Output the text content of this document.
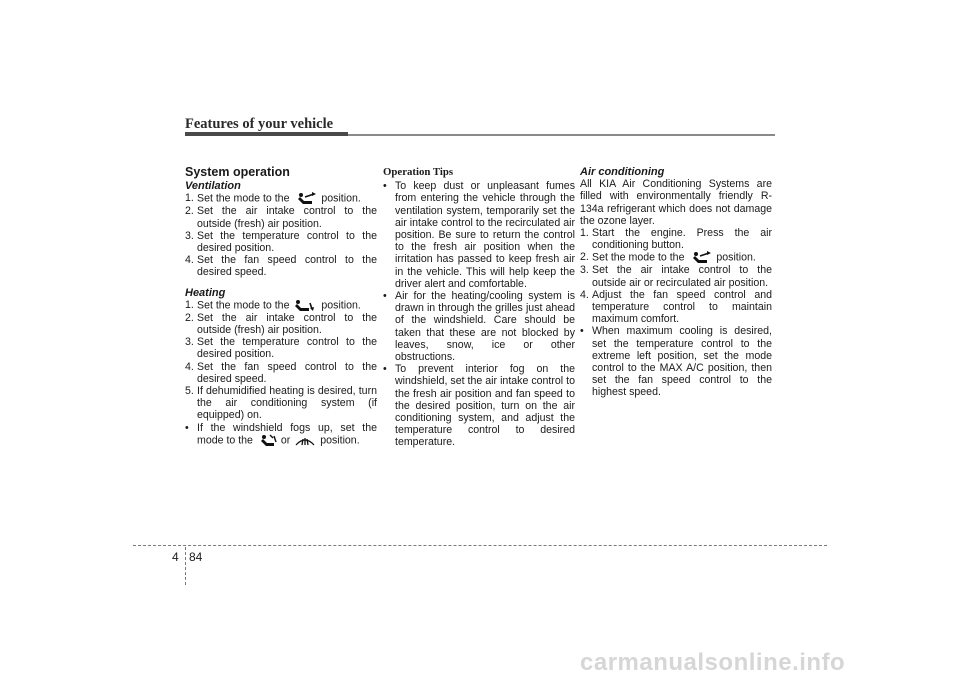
Features of your vehicle
System operation
Ventilation
1. Set the mode to the	position.
2. Set the air intake control to the outside (fresh) air position.
3. Set the temperature control to the desired position.
4. Set the fan speed control to the desired speed.
Heating
1. Set the mode to the	position.
2. Set the air intake control to the outside (fresh) air position.
3. Set the temperature control to the desired position.
4. Set the fan speed control to the desired speed.
5. If dehumidified heating is desired, turn the air conditioning system (if equipped) on.
• If the windshield fogs up, set the mode to the	or	position.
Operation Tips
• To keep dust or unpleasant fumes from entering the vehicle through the ventilation system, temporarily set the air intake control to the recirculated air position. Be sure to return the control to the fresh air position when the irritation has passed to keep fresh air in the vehicle. This will help keep the driver alert and comfortable.
• Air for the heating/cooling system is drawn in through the grilles just ahead of the windshield. Care should be taken that these are not blocked by leaves, snow, ice or other obstructions.
• To prevent interior fog on the windshield, set the air intake control to the fresh air position and fan speed to the desired position, turn on the air conditioning system, and adjust the temperature control to desired temperature.
Air conditioning

All KIA Air Conditioning Systems are filled with environmentally friendly R-134a refrigerant which does not damage the ozone layer.

1. Start the engine. Press the air conditioning button.
2. Set the mode to the	position.
3. Set the air intake control to the outside air or recirculated air position.
4. Adjust the fan speed control and temperature control to maintain maximum comfort.
• When maximum cooling is desired, set the temperature control to the extreme left position, set the mode control to the MAX A/C position, then set the fan speed control to the highest speed.
4 84
carmanualsonline.info
